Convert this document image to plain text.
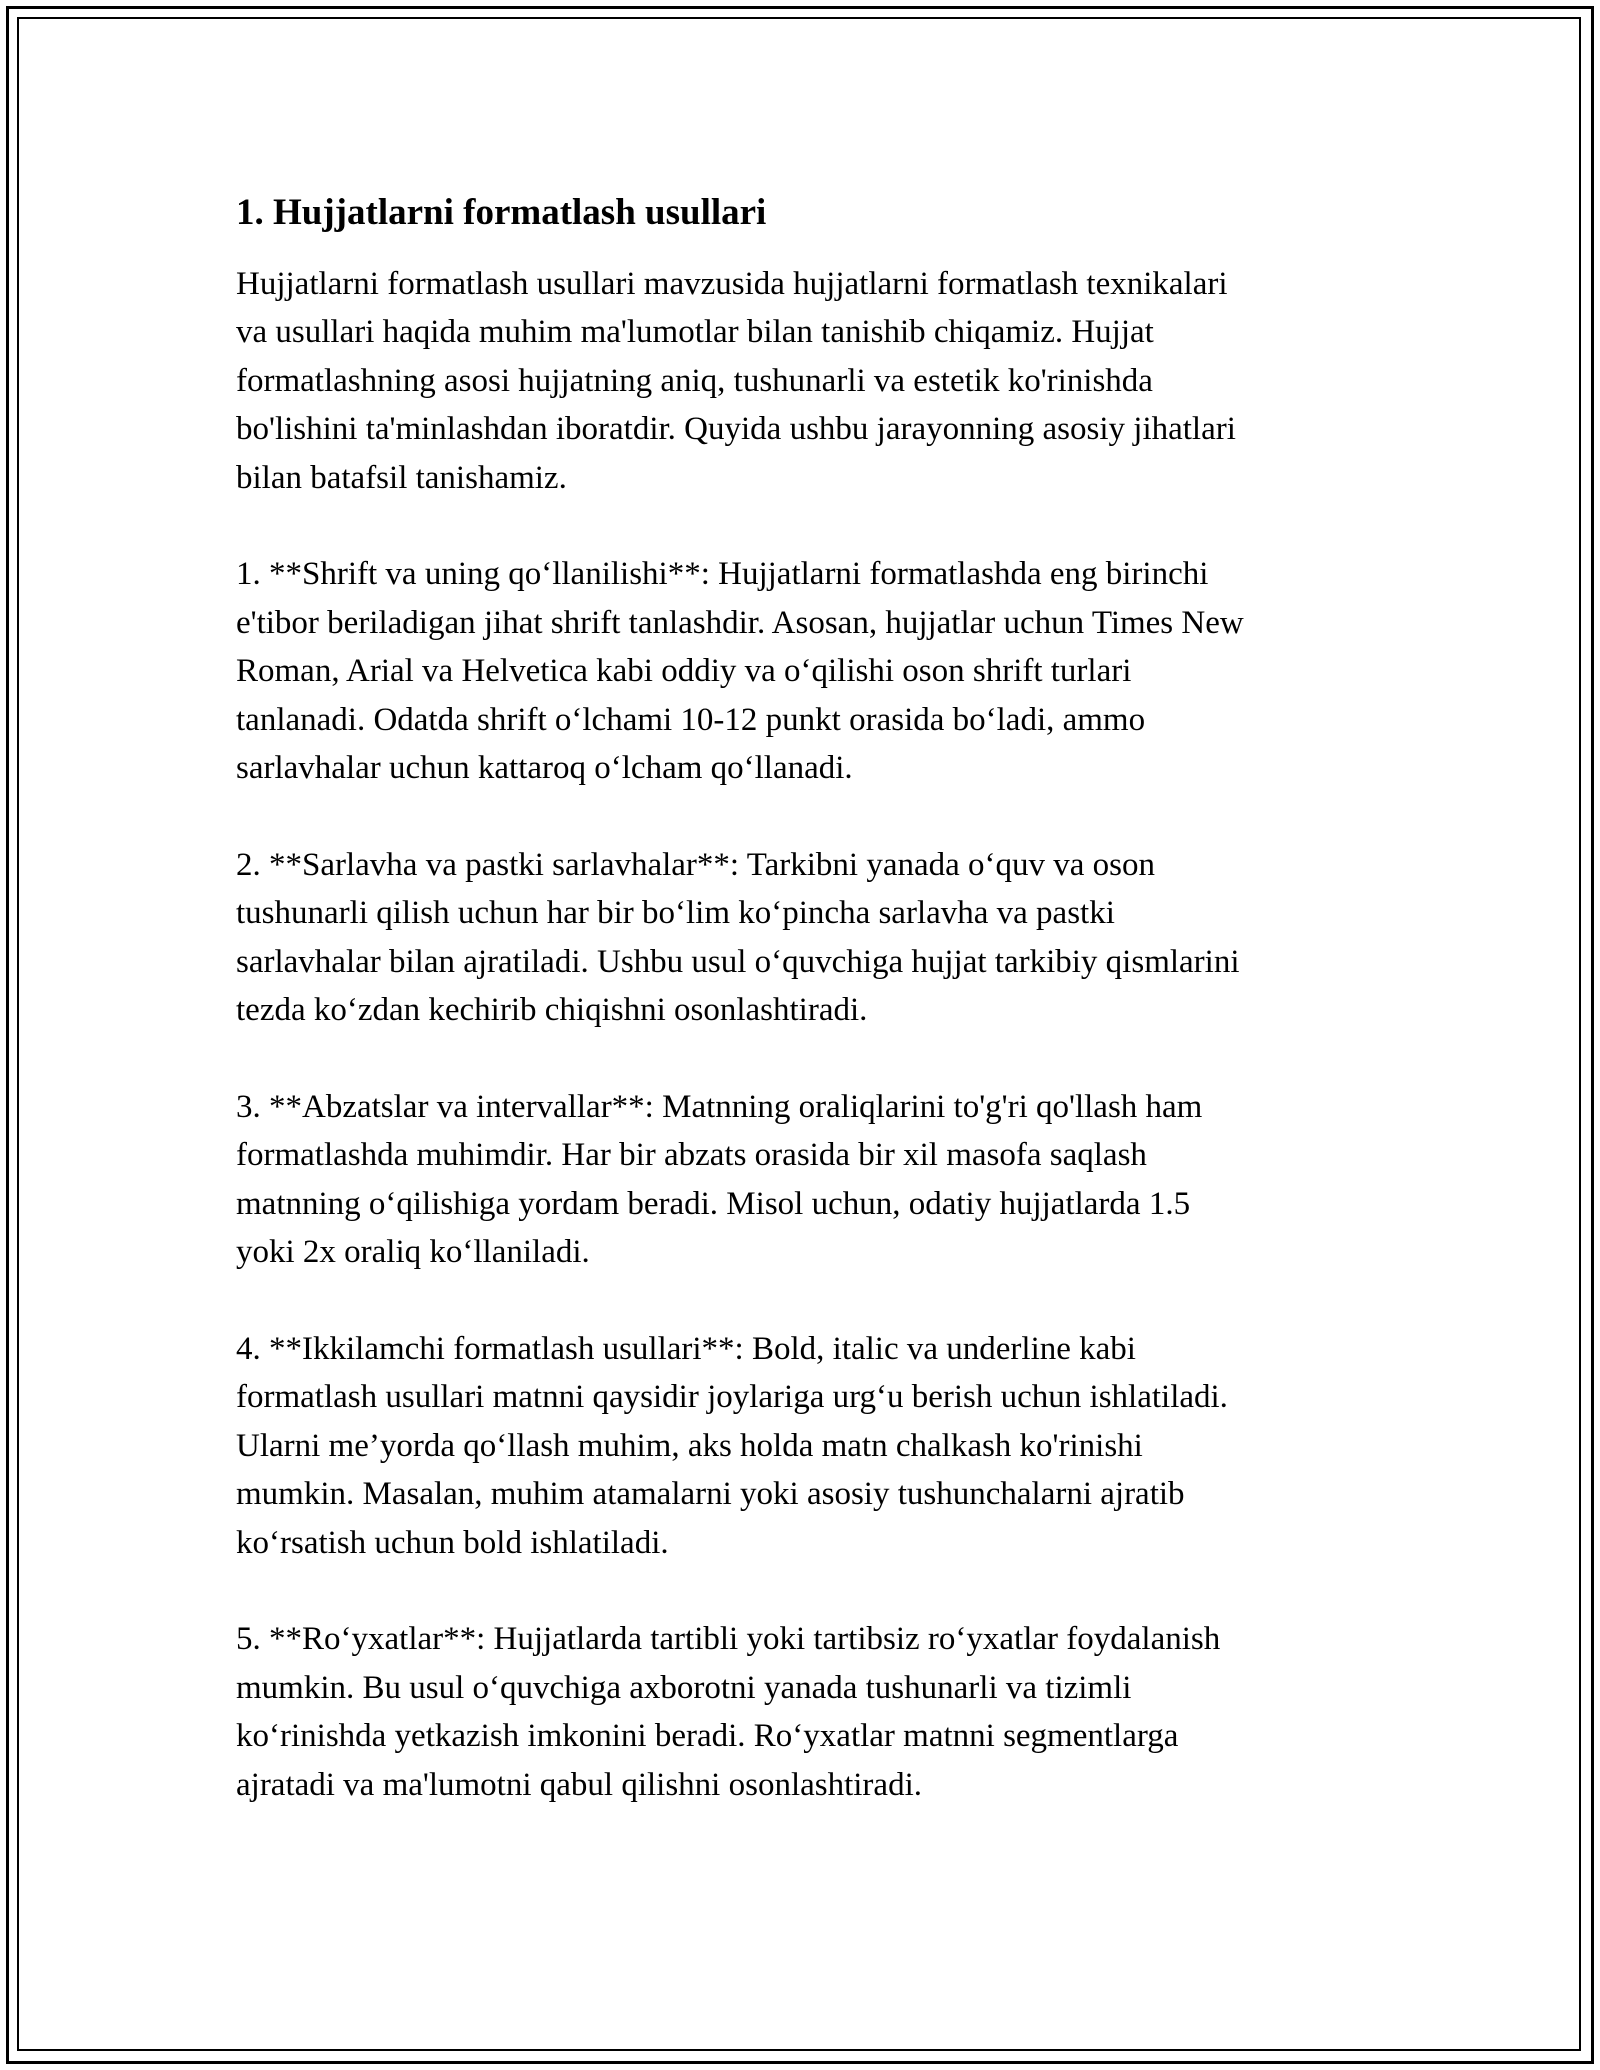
1. Hujjatlarni formatlash usullari

Hujjatlarni formatlash usullari mavzusida hujjatlarni formatlash texnikalari
va usullari haqida muhim ma'lumotlar bilan tanishib chiqamiz. Hujjat
formatlashning asosi hujjatning aniq, tushunarli va estetik ko'rinishda
bo'lishini ta'minlashdan iboratdir. Quyida ushbu jarayonning asosiy jihatlari
bilan batafsil tanishamiz.

1. **Shrift va uning qo‘llanilishi**: Hujjatlarni formatlashda eng birinchi
e'tibor beriladigan jihat shrift tanlashdir. Asosan, hujjatlar uchun Times New
Roman, Arial va Helvetica kabi oddiy va o‘qilishi oson shrift turlari
tanlanadi. Odatda shrift o‘lchami 10-12 punkt orasida bo‘ladi, ammo
sarlavhalar uchun kattaroq o‘lcham qo‘llanadi.

2. **Sarlavha va pastki sarlavhalar**: Tarkibni yanada o‘quv va oson
tushunarli qilish uchun har bir bo‘lim ko‘pincha sarlavha va pastki
sarlavhalar bilan ajratiladi. Ushbu usul o‘quvchiga hujjat tarkibiy qismlarini
tezda ko‘zdan kechirib chiqishni osonlashtiradi.

3. **Abzatslar va intervallar**: Matnning oraliqlarini to'g'ri qo'llash ham
formatlashda muhimdir. Har bir abzats orasida bir xil masofa saqlash
matnning o‘qilishiga yordam beradi. Misol uchun, odatiy hujjatlarda 1.5
yoki 2x oraliq ko‘llaniladi.

4. **Ikkilamchi formatlash usullari**: Bold, italic va underline kabi
formatlash usullari matnni qaysidir joylariga urg‘u berish uchun ishlatiladi.
Ularni me’yorda qo‘llash muhim, aks holda matn chalkash ko'rinishi
mumkin. Masalan, muhim atamalarni yoki asosiy tushunchalarni ajratib
ko‘rsatish uchun bold ishlatiladi.

5. **Ro‘yxatlar**: Hujjatlarda tartibli yoki tartibsiz ro‘yxatlar foydalanish
mumkin. Bu usul o‘quvchiga axborotni yanada tushunarli va tizimli
ko‘rinishda yetkazish imkonini beradi. Ro‘yxatlar matnni segmentlarga
ajratadi va ma'lumotni qabul qilishni osonlashtiradi.
